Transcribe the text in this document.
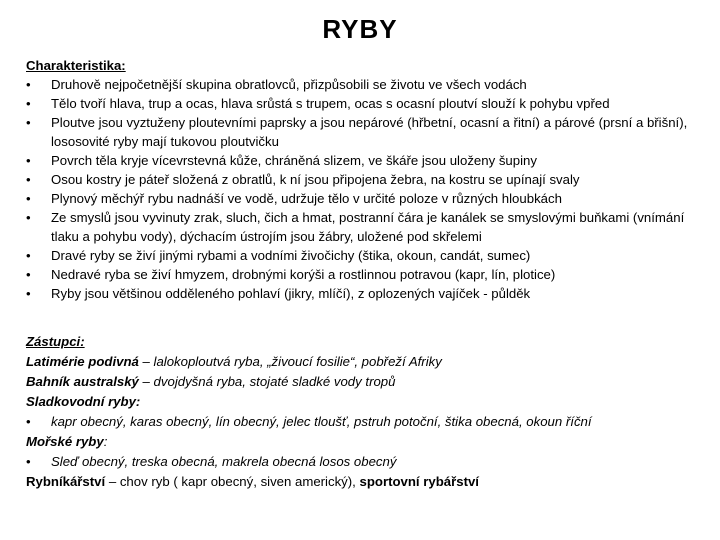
RYBY
Charakteristika:
• Druhově nejpočetnější skupina obratlovců, přizpůsobili se životu ve všech vodách
• Tělo tvoří hlava, trup a ocas, hlava srůstá s trupem, ocas s ocasní ploutví slouží k pohybu vpřed
• Ploutve jsou vyztuženy ploutevními paprsky a jsou nepárové (hřbetní, ocasní a řitní) a párové (prsní a břišní), lososovité ryby mají tukovou ploutvičku
• Povrch těla kryje vícevrstevná kůže, chráněná slizem, ve škáře jsou uloženy šupiny
• Osou kostry je páteř složená z obratlů, k ní jsou připojena žebra, na kostru se upínají svaly
• Plynový měchýř rybu nadnáší ve vodě, udržuje tělo v určité poloze v různých hloubkách
• Ze smyslů jsou vyvinuty zrak, sluch, čich a hmat, postranní čára je kanálek se smyslovými buňkami (vnímání tlaku a pohybu vody), dýchacím ústrojím jsou žábry, uložené pod skřelemi
• Dravé ryby se živí jinými rybami a vodními živočichy (štika, okoun, candát, sumec)
• Nedravé ryba se živí hmyzem, drobnými korýši a rostlinnou potravou (kapr, lín, plotice)
• Ryby jsou většinou odděleného pohlaví (jikry, mlíčí), z oplozených vajíček - půlděk
Zástupci:
Latimérie podivná – lalokoploutvá ryba, „živoucí fosilie“, pobřeží Afriky
Bahník australský – dvojdyšná ryba, stojaté sladké vody tropů
Sladkovodní ryby:
• kapr obecný, karas obecný, lín obecný, jelec tloušť, pstruh potoční, štika obecná, okoun říční
Mořské ryby:
• Sleď obecný, treska obecná, makrela obecná losos obecný
Rybníkářství – chov ryb ( kapr obecný, siven americký), sportovní rybářství
